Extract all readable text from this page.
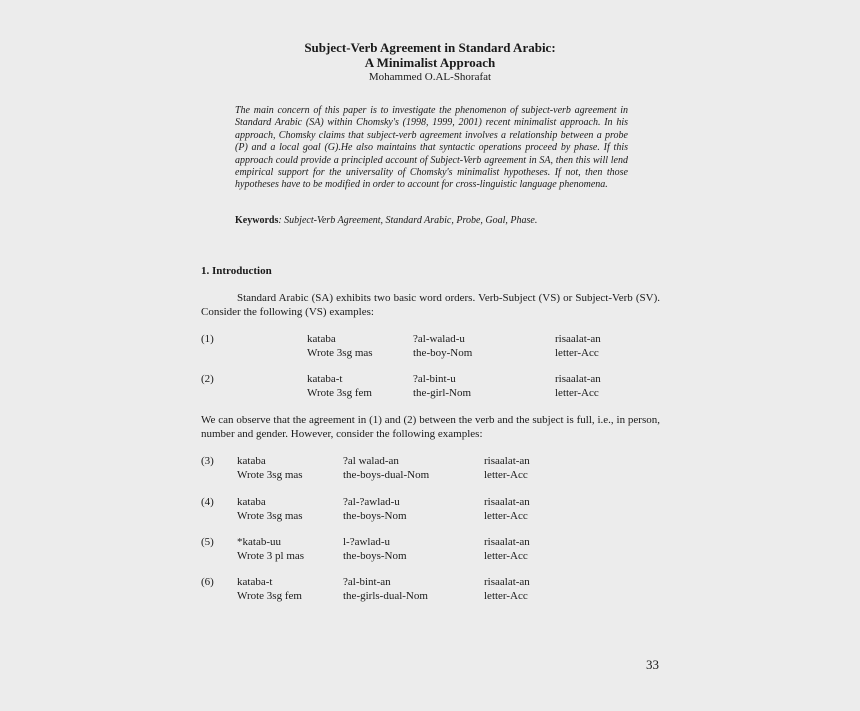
Subject-Verb Agreement in Standard Arabic:
A Minimalist Approach
Mohammed O.AL-Shorafat
The main concern of this paper is to investigate the phenomenon of subject-verb agreement in Standard Arabic (SA) within Chomsky's (1998, 1999, 2001) recent minimalist approach. In his approach, Chomsky claims that subject-verb agreement involves a relationship between a probe (P) and a local goal (G).He also maintains that syntactic operations proceed by phase. If this approach could provide a principled account of Subject-Verb agreement in SA, then this will lend empirical support for the universality of Chomsky's minimalist hypotheses. If not, then those hypotheses have to be modified in order to account for cross-linguistic language phenomena.
Keywords: Subject-Verb Agreement, Standard Arabic, Probe, Goal, Phase.
1. Introduction
Standard Arabic (SA) exhibits two basic word orders. Verb-Subject (VS) or Subject-Verb (SV). Consider the following (VS) examples:
(1)	kataba
Wrote 3sg mas
?al-walad-u
the-boy-Nom
risaalat-an
letter-Acc
(2)	kataba-t
Wrote 3sg fem
?al-bint-u
the-girl-Nom
risaalat-an
letter-Acc
We can observe that the agreement in (1) and (2) between the verb and the subject is full, i.e., in person, number and gender. However, consider the following examples:
(3) kataba
Wrote 3sg mas
?al walad-an
the-boys-dual-Nom
risaalat-an
letter-Acc
(4) kataba
Wrote 3sg mas
?al-?awlad-u
the-boys-Nom
risaalat-an
letter-Acc
(5) *katab-uu
Wrote 3 pl mas
l-?awlad-u
the-boys-Nom
risaalat-an
letter-Acc
(6) kataba-t
Wrote 3sg fem
?al-bint-an
the-girls-dual-Nom
risaalat-an
letter-Acc
33
